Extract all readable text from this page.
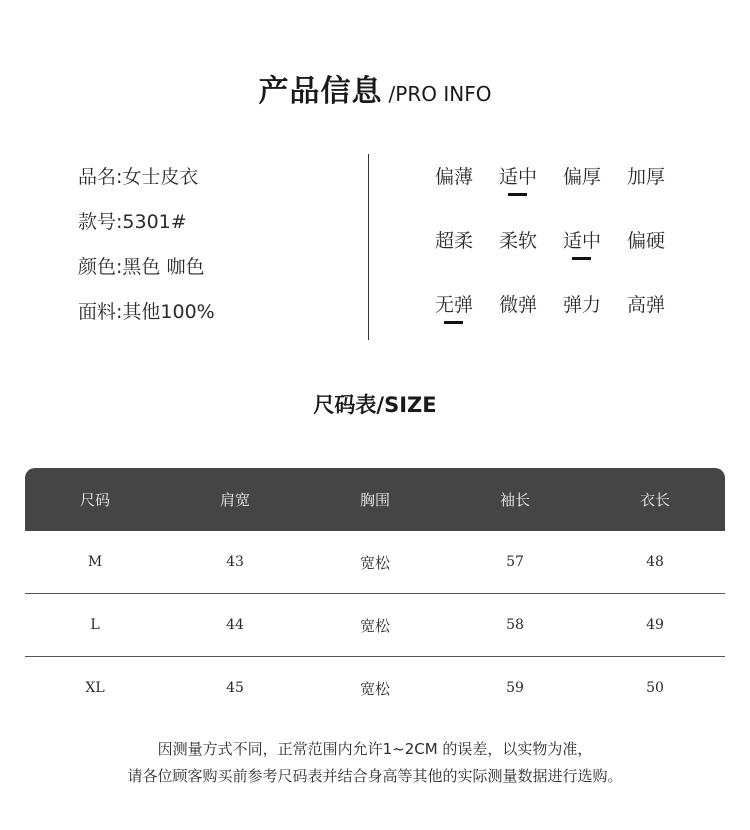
产品信息 /PRO INFO
品名:女士皮衣
款号:5301#
颜色:黑色 咖色
面料:其他100%
偏薄	适中	偏厚	加厚
超柔	柔软	适中	偏硬
无弹	微弹	弹力	高弹
尺码表/SIZE
尺码	肩宽	胸围	袖长	衣长
M	43	宽松	57	48
L	44	宽松	58	49
XL	45	宽松	59	50
因测量方式不同，正常范围内允许1~2CM 的误差，以实物为准，
请各位顾客购买前参考尺码表并结合身高等其他的实际测量数据进行选购。
